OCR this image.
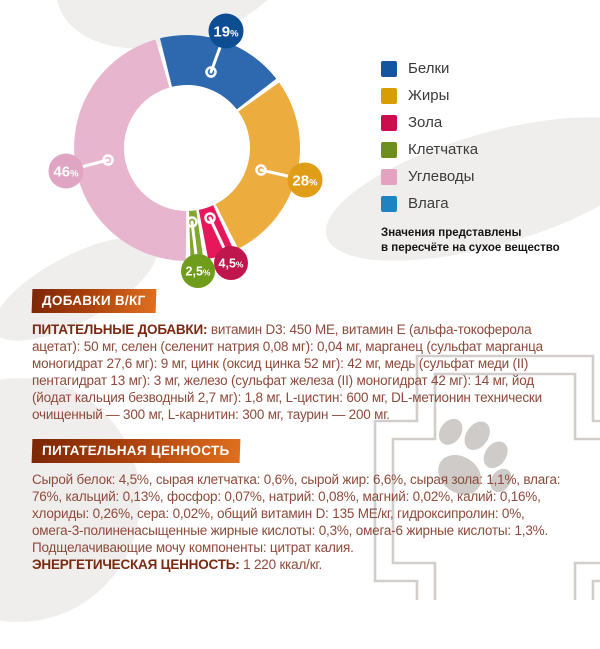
19%
28%
4,5%
2,5%
46%
Белки
Жиры
Зола
Клетчатка
Углеводы
Влага
Значения представлены
в пересчёте на сухое вещество
ДОБАВКИ В/КГ

ПИТАТЕЛЬНЫЕ ДОБАВКИ: витамин D3: 450 МЕ, витамин Е (альфа-токоферола ацетат): 50 мг, селен (селенит натрия 0,08 мг): 0,04 мг, марганец (сульфат марганца моногидрат 27,6 мг): 9 мг, цинк (оксид цинка 52 мг): 42 мг, медь (сульфат меди (II) пентагидрат 13 мг): 3 мг, железо (сульфат железа (II) моногидрат 42 мг): 14 мг, йод (йодат кальция безводный 2,7 мг): 1,8 мг, L-цистин: 600 мг, DL-метионин технически очищенный — 300 мг, L-карнитин: 300 мг, таурин — 200 мг.

ПИТАТЕЛЬНАЯ ЦЕННОСТЬ

Сырой белок: 4,5%, сырая клетчатка: 0,6%, сырой жир: 6,6%, сырая зола: 1,1%, влага: 76%, кальций: 0,13%, фосфор: 0,07%, натрий: 0,08%, магний: 0,02%, калий: 0,16%, хлориды: 0,26%, сера: 0,02%, общий витамин D: 135 МЕ/кг, гидроксипролин: 0%, омега-3-полиненасыщенные жирные кислоты: 0,3%, омега-6 жирные кислоты: 1,3%. Подщелачивающие мочу компоненты: цитрат калия.

ЭНЕРГЕТИЧЕСКАЯ ЦЕННОСТЬ: 1 220 ккал/кг.
